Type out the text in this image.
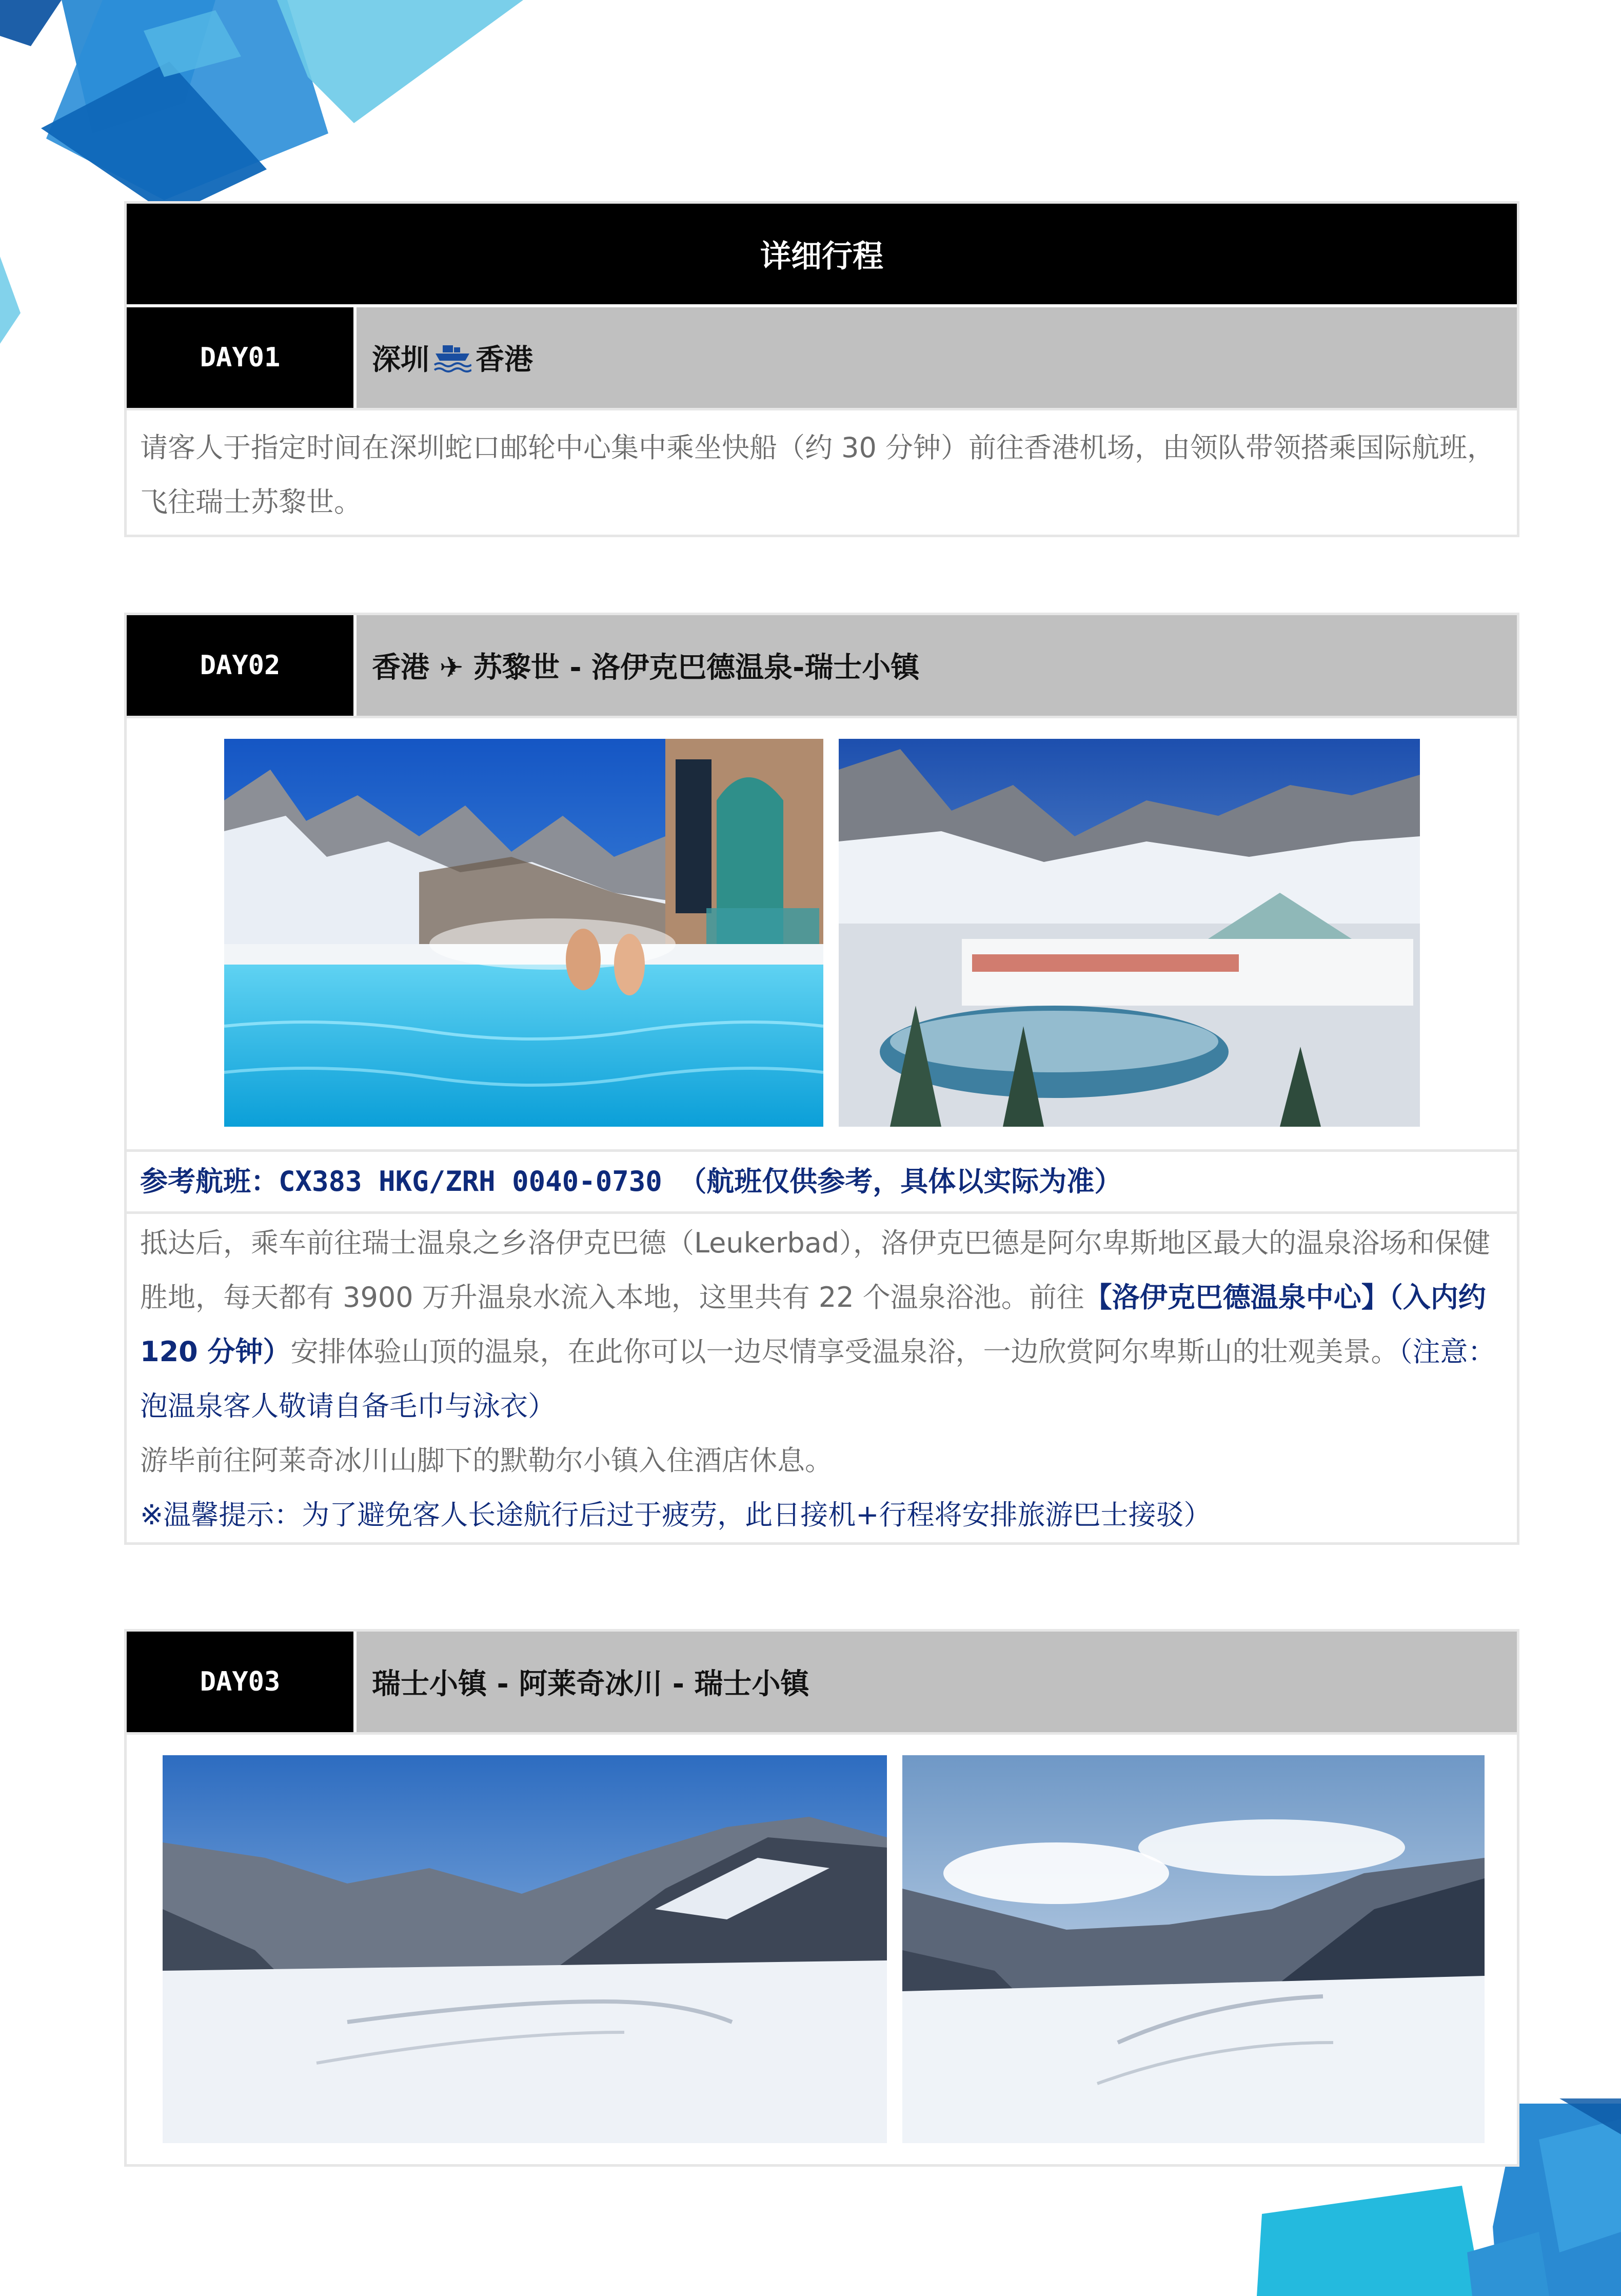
详细行程
DAY01	深圳 香港
请客人于指定时间在深圳蛇口邮轮中心集中乘坐快船（约 30 分钟）前往香港机场，由领队带领搭乘国际航班，飞往瑞士苏黎世。
DAY02	香港 ✈ 苏黎世 - 洛伊克巴德温泉-瑞士小镇
参考航班：CX383 HKG/ZRH 0040-0730 （航班仅供参考，具体以实际为准）
抵达后，乘车前往瑞士温泉之乡洛伊克巴德（Leukerbad），洛伊克巴德是阿尔卑斯地区最大的温泉浴场和保健胜地，每天都有 3900 万升温泉水流入本地，这里共有 22 个温泉浴池。前往【洛伊克巴德温泉中心】（入内约 120 分钟）安排体验山顶的温泉，在此你可以一边尽情享受温泉浴，一边欣赏阿尔卑斯山的壮观美景。（注意：泡温泉客人敬请自备毛巾与泳衣）
游毕前往阿莱奇冰川山脚下的默勒尔小镇入住酒店休息。
※温馨提示：为了避免客人长途航行后过于疲劳，此日接机+行程将安排旅游巴士接驳）
DAY03	瑞士小镇 - 阿莱奇冰川 - 瑞士小镇
